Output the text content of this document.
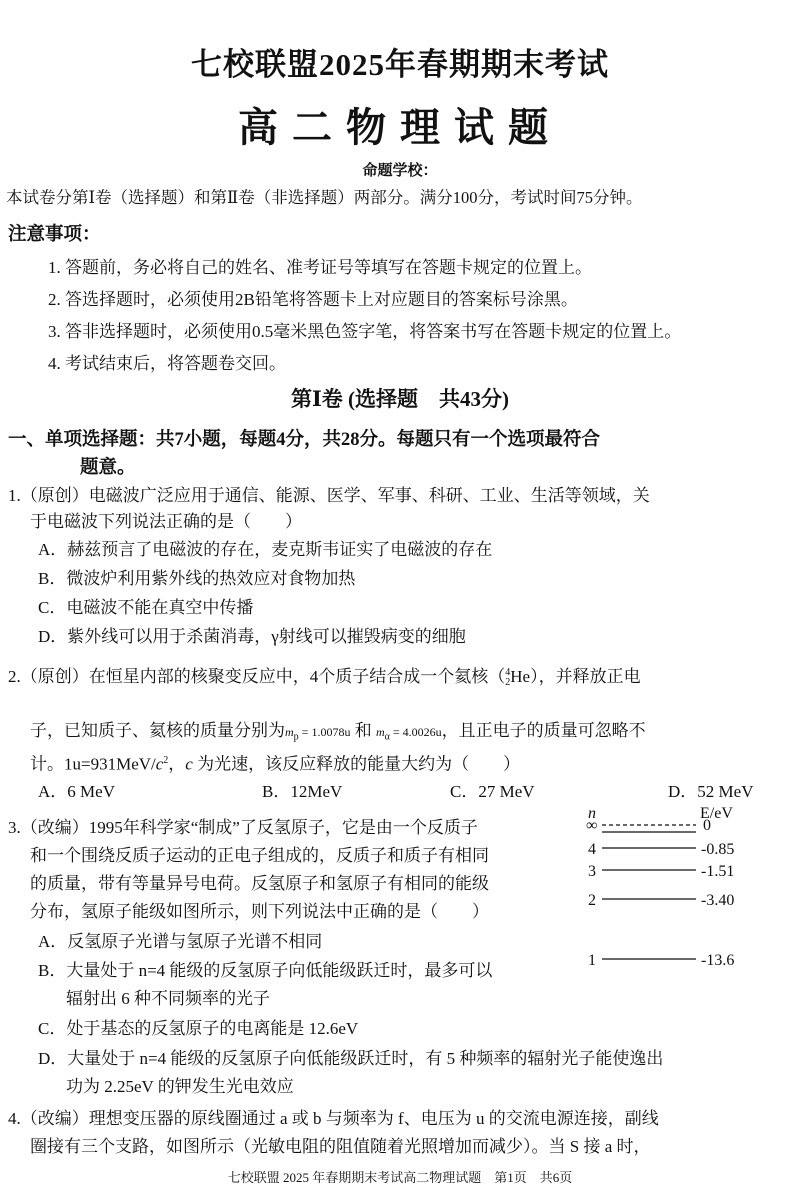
七校联盟2025年春期期末考试
高二物理试题
命题学校：
本试卷分第Ⅰ卷（选择题）和第Ⅱ卷（非选择题）两部分。满分100分，考试时间75分钟。
注意事项：
1. 答题前，务必将自己的姓名、准考证号等填写在答题卡规定的位置上。
2. 答选择题时，必须使用2B铅笔将答题卡上对应题目的答案标号涂黑。
3. 答非选择题时，必须使用0.5毫米黑色签字笔，将答案书写在答题卡规定的位置上。
4. 考试结束后，将答题卷交回。
第Ⅰ卷 (选择题　共43分)
一、单项选择题：共7小题，每题4分，共28分。每题只有一个选项最符合
题意。
1.（原创）电磁波广泛应用于通信、能源、医学、军事、科研、工业、生活等领域，关
于电磁波下列说法正确的是（　　）
A．赫兹预言了电磁波的存在，麦克斯韦证实了电磁波的存在
B．微波炉利用紫外线的热效应对食物加热
C．电磁波不能在真空中传播
D．紫外线可以用于杀菌消毒，γ射线可以摧毁病变的细胞
2.（原创）在恒星内部的核聚变反应中，4个质子结合成一个氦核（4
2He），并释放正电
子，已知质子、氦核的质量分别为$m_p = 1.0078u$ 和 $m_\alpha = 4.0026u$，且正电子的质量可忽略不
计。$1u=931MeV/c^2$，c 为光速，该反应释放的能量大约为（　　）
A．6 MeV	B．12MeV	C．27 MeV	D．52 MeV
3.（改编）1995年科学家“制成”了反氢原子，它是由一个反质子
和一个围绕反质子运动的正电子组成的，反质子和质子有相同
的质量，带有等量异号电荷。反氢原子和氢原子有相同的能级
分布，氢原子能级如图所示，则下列说法中正确的是（　　）
A．反氢原子光谱与氢原子光谱不相同
B．大量处于 n=4 能级的反氢原子向低能级跃迁时，最多可以
辐射出 6 种不同频率的光子
C．处于基态的反氢原子的电离能是 12.6eV
D．大量处于 n=4 能级的反氢原子向低能级跃迁时，有 5 种频率的辐射光子能使逸出
功为 2.25eV 的钾发生光电效应
n	E/eV
∞	0
4	-0.85
3	-1.51
2	-3.40
1	-13.6
4.（改编）理想变压器的原线圈通过 a 或 b 与频率为 f、电压为 u 的交流电源连接，副线
圈接有三个支路，如图所示（光敏电阻的阻值随着光照增加而减少）。当 S 接 a 时，
七校联盟 2025 年春期期末考试高二物理试题　第1页　共6页
